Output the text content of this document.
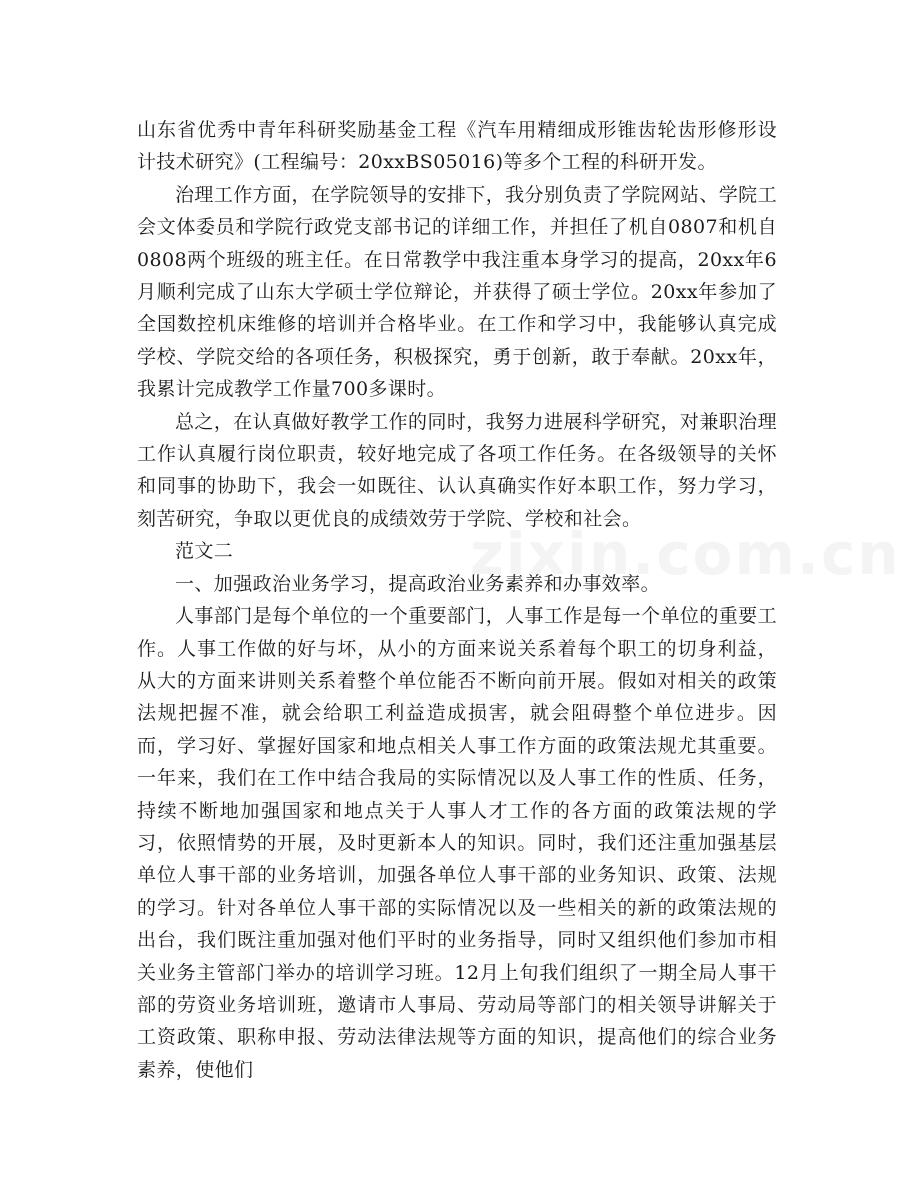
山东省优秀中青年科研奖励基金工程《汽车用精细成形锥齿轮齿形修形设计技术研究》(工程编号：20xxBS05016)等多个工程的科研开发。

治理工作方面，在学院领导的安排下，我分别负责了学院网站、学院工会文体委员和学院行政党支部书记的详细工作，并担任了机自0807和机自0808两个班级的班主任。在日常教学中我注重本身学习的提高，20xx年6月顺利完成了山东大学硕士学位辩论，并获得了硕士学位。20xx年参加了全国数控机床维修的培训并合格毕业。在工作和学习中，我能够认真完成学校、学院交给的各项任务，积极探究，勇于创新，敢于奉献。20xx年，我累计完成教学工作量700多课时。

总之，在认真做好教学工作的同时，我努力进展科学研究，对兼职治理工作认真履行岗位职责，较好地完成了各项工作任务。在各级领导的关怀和同事的协助下，我会一如既往、认认真确实作好本职工作，努力学习，刻苦研究，争取以更优良的成绩效劳于学院、学校和社会。

范文二

一、加强政治业务学习，提高政治业务素养和办事效率。

人事部门是每个单位的一个重要部门，人事工作是每一个单位的重要工作。人事工作做的好与坏，从小的方面来说关系着每个职工的切身利益，从大的方面来讲则关系着整个单位能否不断向前开展。假如对相关的政策法规把握不准，就会给职工利益造成损害，就会阻碍整个单位进步。因而，学习好、掌握好国家和地点相关人事工作方面的政策法规尤其重要。一年来，我们在工作中结合我局的实际情况以及人事工作的性质、任务，持续不断地加强国家和地点关于人事人才工作的各方面的政策法规的学习，依照情势的开展，及时更新本人的知识。同时，我们还注重加强基层单位人事干部的业务培训，加强各单位人事干部的业务知识、政策、法规的学习。针对各单位人事干部的实际情况以及一些相关的新的政策法规的出台，我们既注重加强对他们平时的业务指导，同时又组织他们参加市相关业务主管部门举办的培训学习班。12月上旬我们组织了一期全局人事干部的劳资业务培训班，邀请市人事局、劳动局等部门的相关领导讲解关于工资政策、职称申报、劳动法律法规等方面的知识，提高他们的综合业务素养，使他们

zixin.com.cn
